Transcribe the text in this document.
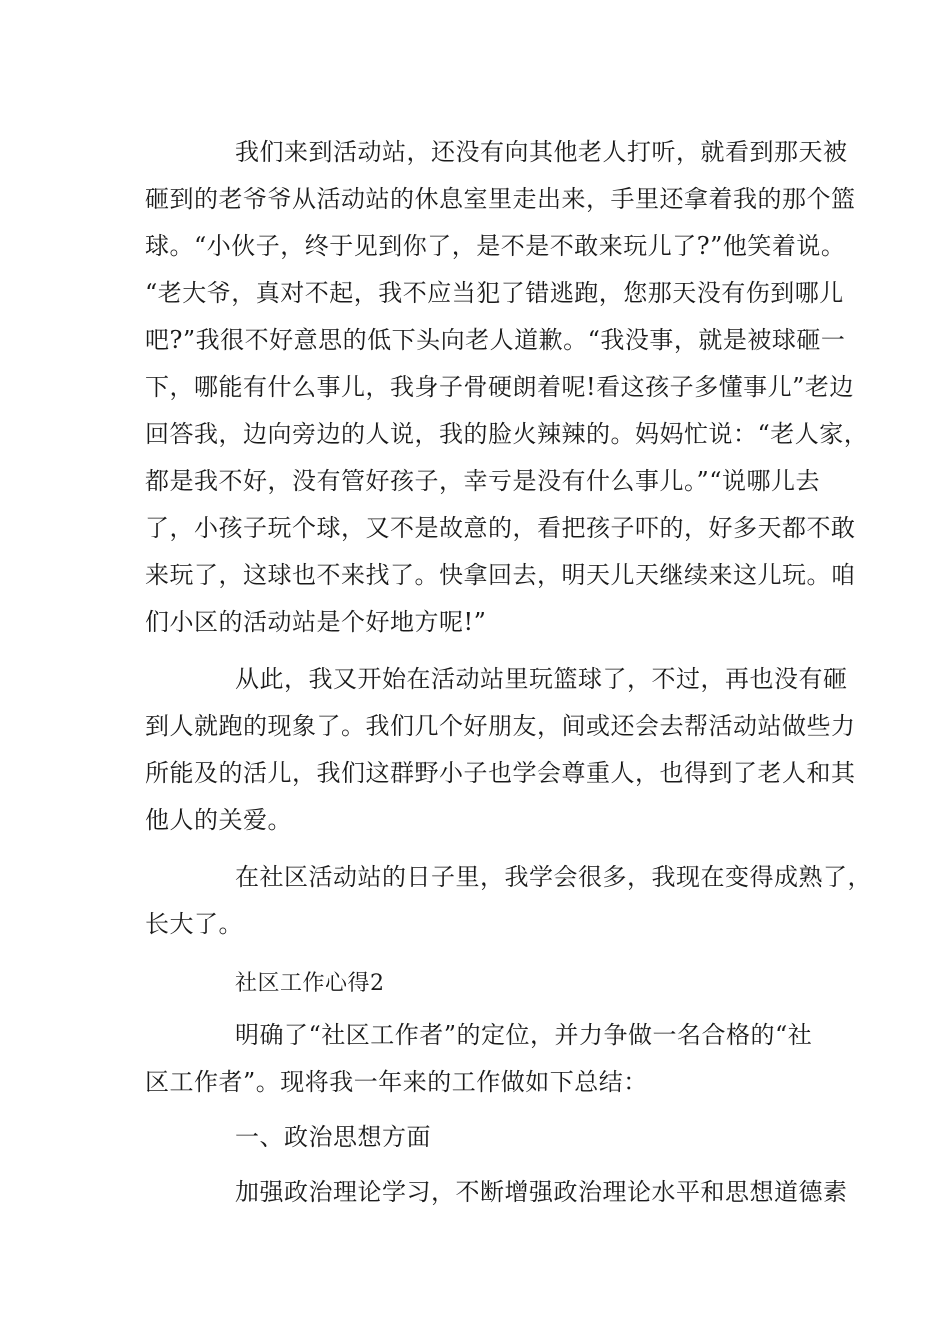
我们来到活动站，还没有向其他老人打听，就看到那天被
砸到的老爷爷从活动站的休息室里走出来，手里还拿着我的那个篮
球。“小伙子，终于见到你了，是不是不敢来玩儿了?”他笑着说。
“老大爷，真对不起，我不应当犯了错逃跑，您那天没有伤到哪儿
吧?”我很不好意思的低下头向老人道歉。“我没事，就是被球砸一
下，哪能有什么事儿，我身子骨硬朗着呢!看这孩子多懂事儿”老边
回答我，边向旁边的人说，我的脸火辣辣的。妈妈忙说：“老人家，
都是我不好，没有管好孩子，幸亏是没有什么事儿。”“说哪儿去
了，小孩子玩个球，又不是故意的，看把孩子吓的，好多天都不敢
来玩了，这球也不来找了。快拿回去，明天儿天继续来这儿玩。咱
们小区的活动站是个好地方呢!”
从此，我又开始在活动站里玩篮球了，不过，再也没有砸
到人就跑的现象了。我们几个好朋友，间或还会去帮活动站做些力
所能及的活儿，我们这群野小子也学会尊重人，也得到了老人和其
他人的关爱。
在社区活动站的日子里，我学会很多，我现在变得成熟了，
长大了。
社区工作心得2
明确了“社区工作者”的定位，并力争做一名合格的“社
区工作者”。现将我一年来的工作做如下总结：
一、政治思想方面
加强政治理论学习，不断增强政治理论水平和思想道德素
